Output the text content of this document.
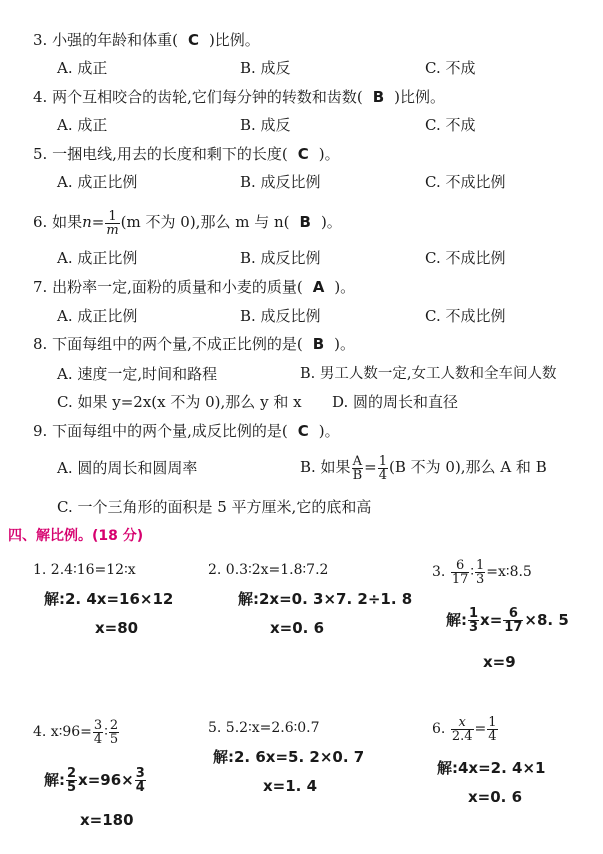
3. 小强的年龄和体重( C )比例。
A. 成正	B. 成反	C. 不成
4. 两个互相咬合的齿轮,它们每分钟的转数和齿数( B )比例。
A. 成正	B. 成反	C. 不成
5. 一捆电线,用去的长度和剩下的长度( C )。
A. 成正比例	B. 成反比例	C. 不成比例
6. 如果$n= \frac{1}{m} (m$ 不为 0),那么 m 与 n( B )。
A. 成正比例	B. 成反比例	C. 不成比例
7. 出粉率一定,面粉的质量和小麦的质量( A )。
A. 成正比例	B. 成反比例	C. 不成比例
8. 下面每组中的两个量,不成正比例的是( B )。
A. 速度一定,时间和路程	B. 男工人数一定,女工人数和全车间人数
C. 如果 y=2x(x 不为 0),那么 y 和 x D. 圆的周长和直径
9. 下面每组中的两个量,成反比例的是( C )。
A. 圆的周长和圆周率	B. 如果 $\frac{A}{B} = \frac{1}{4} (B$ 不为 0),那么 A 和 B
C. 一个三角形的面积是 5 平方厘米,它的底和高
四、解比例。(18 分)
1. 2.4∶16=12∶x
解:2. 4x=16×12
x=80
2. 0.3∶2x=1.8∶7.2
解:2x=0. 3×7. 2÷1. 8
x=0. 6
3. $\frac{6}{17}$ ∶ $\frac{1}{3}$ =x∶8.5
解: $\frac{1}{3} x= \frac{6}{17} \times 8$. 5
x=9
4. x∶96= $\frac{3}{4}$ ∶ $\frac{2}{5}$
解: $\frac{2}{5} x=96\times \frac{3}{4}$
x=180
5. 5.2∶x=2.6∶0.7
解:2. 6x=5. 2×0. 7
x=1. 4
6. $\frac{x}{2.4} = \frac{1}{4}$
解:4x=2. 4×1
x=0. 6
